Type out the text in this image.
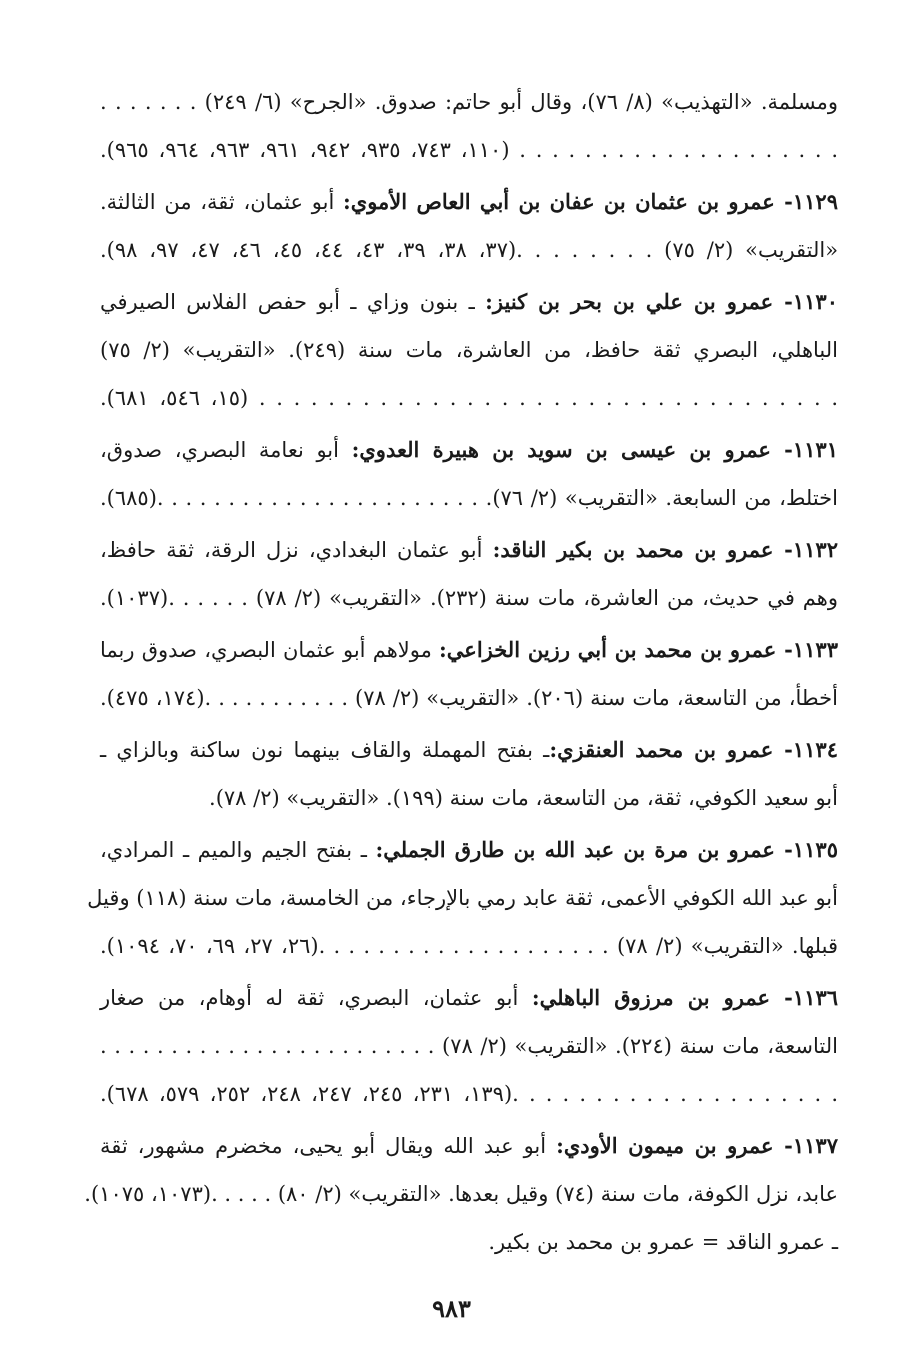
ومسلمة. «التهذيب» (٨/ ٧٦)، وقال أبو حاتم: صدوق. «الجرح» (٦/ ٢٤٩) . . . . . . .
. . . . . . . . . . . . . . . . . . . . (١١٠، ٧٤٣، ٩٣٥، ٩٤٢، ٩٦١، ٩٦٣، ٩٦٤، ٩٦٥).
١١٢٩- عمرو بن عثمان بن عفان بن أبي العاص الأموي: أبو عثمان، ثقة، من الثالثة.
«التقريب» (٢/ ٧٥) . . . . . . . .(٣٧، ٣٨، ٣٩، ٤٣، ٤٤، ٤٥، ٤٦، ٤٧، ٩٧، ٩٨).
١١٣٠- عمرو بن علي بن بحر بن كنيز: ـ بنون وزاي ـ أبو حفص الفلاس الصيرفي
الباهلي، البصري ثقة حافظ، من العاشرة، مات سنة (٢٤٩). «التقريب» (٢/ ٧٥)
. . . . . . . . . . . . . . . . . . . . . . . . . . . . . . . . . . (١٥، ٥٤٦، ٦٨١).
١١٣١- عمرو بن عيسى بن سويد بن هبيرة العدوي: أبو نعامة البصري، صدوق،
اختلط، من السابعة. «التقريب» (٢/ ٧٦). . . . . . . . . . . . . . . . . . . . . . . .(٦٨٥).
١١٣٢- عمرو بن محمد بن بكير الناقد: أبو عثمان البغدادي، نزل الرقة، ثقة حافظ،
وهم في حديث، من العاشرة، مات سنة (٢٣٢). «التقريب» (٢/ ٧٨) . . . . . .(١٠٣٧).
١١٣٣- عمرو بن محمد بن أبي رزين الخزاعي: مولاهم أبو عثمان البصري، صدوق ربما
أخطأ، من التاسعة، مات سنة (٢٠٦). «التقريب» (٢/ ٧٨) . . . . . . . . . . .(١٧٤، ٤٧٥).
١١٣٤- عمرو بن محمد العنقزي:ـ بفتح المهملة والقاف بينهما نون ساكنة وبالزاي ـ
أبو سعيد الكوفي، ثقة، من التاسعة، مات سنة (١٩٩). «التقريب» (٢/ ٧٨).
١١٣٥- عمرو بن مرة بن عبد الله بن طارق الجملي: ـ بفتح الجيم والميم ـ المرادي،
أبو عبد الله الكوفي الأعمى، ثقة عابد رمي بالإرجاء، من الخامسة، مات سنة (١١٨) وقيل
قبلها. «التقريب» (٢/ ٧٨) . . . . . . . . . . . . . . . . . . . .(٢٦، ٢٧، ٦٩، ٧٠، ١٠٩٤).
١١٣٦- عمرو بن مرزوق الباهلي: أبو عثمان، البصري، ثقة له أوهام، من صغار
التاسعة، مات سنة (٢٢٤). «التقريب» (٢/ ٧٨) . . . . . . . . . . . . . . . . . . . . . . . .
. . . . . . . . . . . . . . . . . . . .(١٣٩، ٢٣١، ٢٤٥، ٢٤٧، ٢٤٨، ٢٥٢، ٥٧٩، ٦٧٨).
١١٣٧- عمرو بن ميمون الأودي: أبو عبد الله ويقال أبو يحيى، مخضرم مشهور، ثقة
عابد، نزل الكوفة، مات سنة (٧٤) وقيل بعدها. «التقريب» (٢/ ٨٠) . . . . .(١٠٧٣، ١٠٧٥).
ـ عمرو الناقد = عمرو بن محمد بن بكير.
٩٨٣
